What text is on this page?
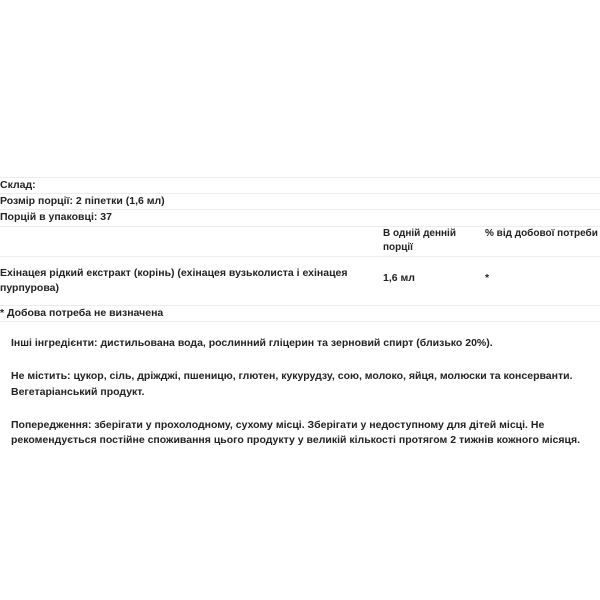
Склад:		
Розмір порції: 2 піпетки (1,6 мл)		
Порцій в упаковці: 37		
	В одній денній порції	% від добової потреби
Ехінацея рідкий екстракт (корінь) (ехінацея вузьколиста і ехінацея пурпурова)	1,6 мл	*
* Добова потреба не визначена		

Інші інгредієнти: дистильована вода, рослинний гліцерин та зерновий спирт (близько 20%).

Не містить: цукор, сіль, дріжджі, пшеницю, глютен, кукурудзу, сою, молоко, яйця, молюски та консерванти. Вегетаріанський продукт.

Попередження: зберігати у прохолодному, сухому місці. Зберігати у недоступному для дітей місці. Не рекомендується постійне споживання цього продукту у великій кількості протягом 2 тижнів кожного місяця.
